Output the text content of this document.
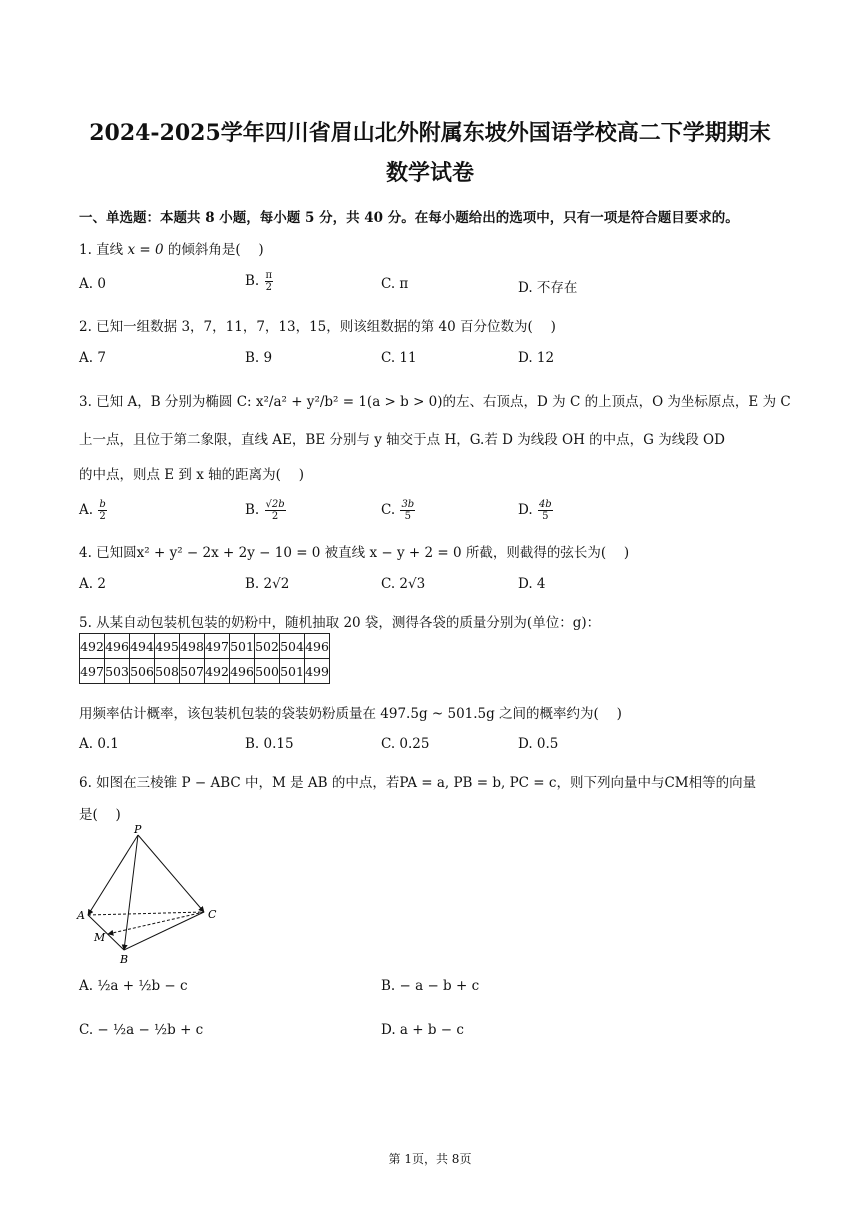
2024-2025学年四川省眉山北外附属东坡外国语学校高二下学期期末
数学试卷
一、单选题：本题共 8 小题，每小题 5 分，共 40 分。在每小题给出的选项中，只有一项是符合题目要求的。
1. 直线 x = 0 的倾斜角是(　 )
A. 0	B. $\frac{\pi}{2}$	C. π	D. 不存在
2. 已知一组数据 3，7，11，7，13，15，则该组数据的第 40 百分位数为(　 )
A. 7	B. 9	C. 11	D. 12
3. 已知 A，B 分别为椭圆 C: x²/a² + y²/b² = 1(a > b > 0)的左、右顶点，D 为 C 的上顶点，O 为坐标原点，E 为 C
上一点，且位于第二象限，直线 AE，BE 分别与 y 轴交于点 H，G.若 D 为线段 OH 的中点，G 为线段 OD
的中点，则点 E 到 x 轴的距离为(　 )
A. $\frac{b}{2}$	B. $\frac{√2b}{2}$	C. $\frac{3b}{5}$	D. $\frac{4b}{5}$
4. 已知圆x² + y² − 2x + 2y − 10 = 0 被直线 x − y + 2 = 0 所截，则截得的弦长为(　 )
A. 2	B. 2√2	C. 2√3	D. 4
5. 从某自动包装机包装的奶粉中，随机抽取 20 袋，测得各袋的质量分别为(单位：g)：
492	496	494	495	498	497	501	502	504	496
497	503	506	508	507	492	496	500	501	499
用频率估计概率，该包装机包装的袋装奶粉质量在 497.5g ~ 501.5g 之间的概率约为(　 )
A. 0.1	B. 0.15	C. 0.25	D. 0.5
6. 如图在三棱锥 P − ABC 中，M 是 AB 的中点，若PA = a, PB = b, PC = c，则下列向量中与CM相等的向量
是(　 )
P
A	C
M
B
A. ½a + ½b − c	B. − a − b + c
C. − ½a − ½b + c	D. a + b − c
第 1页，共 8页
